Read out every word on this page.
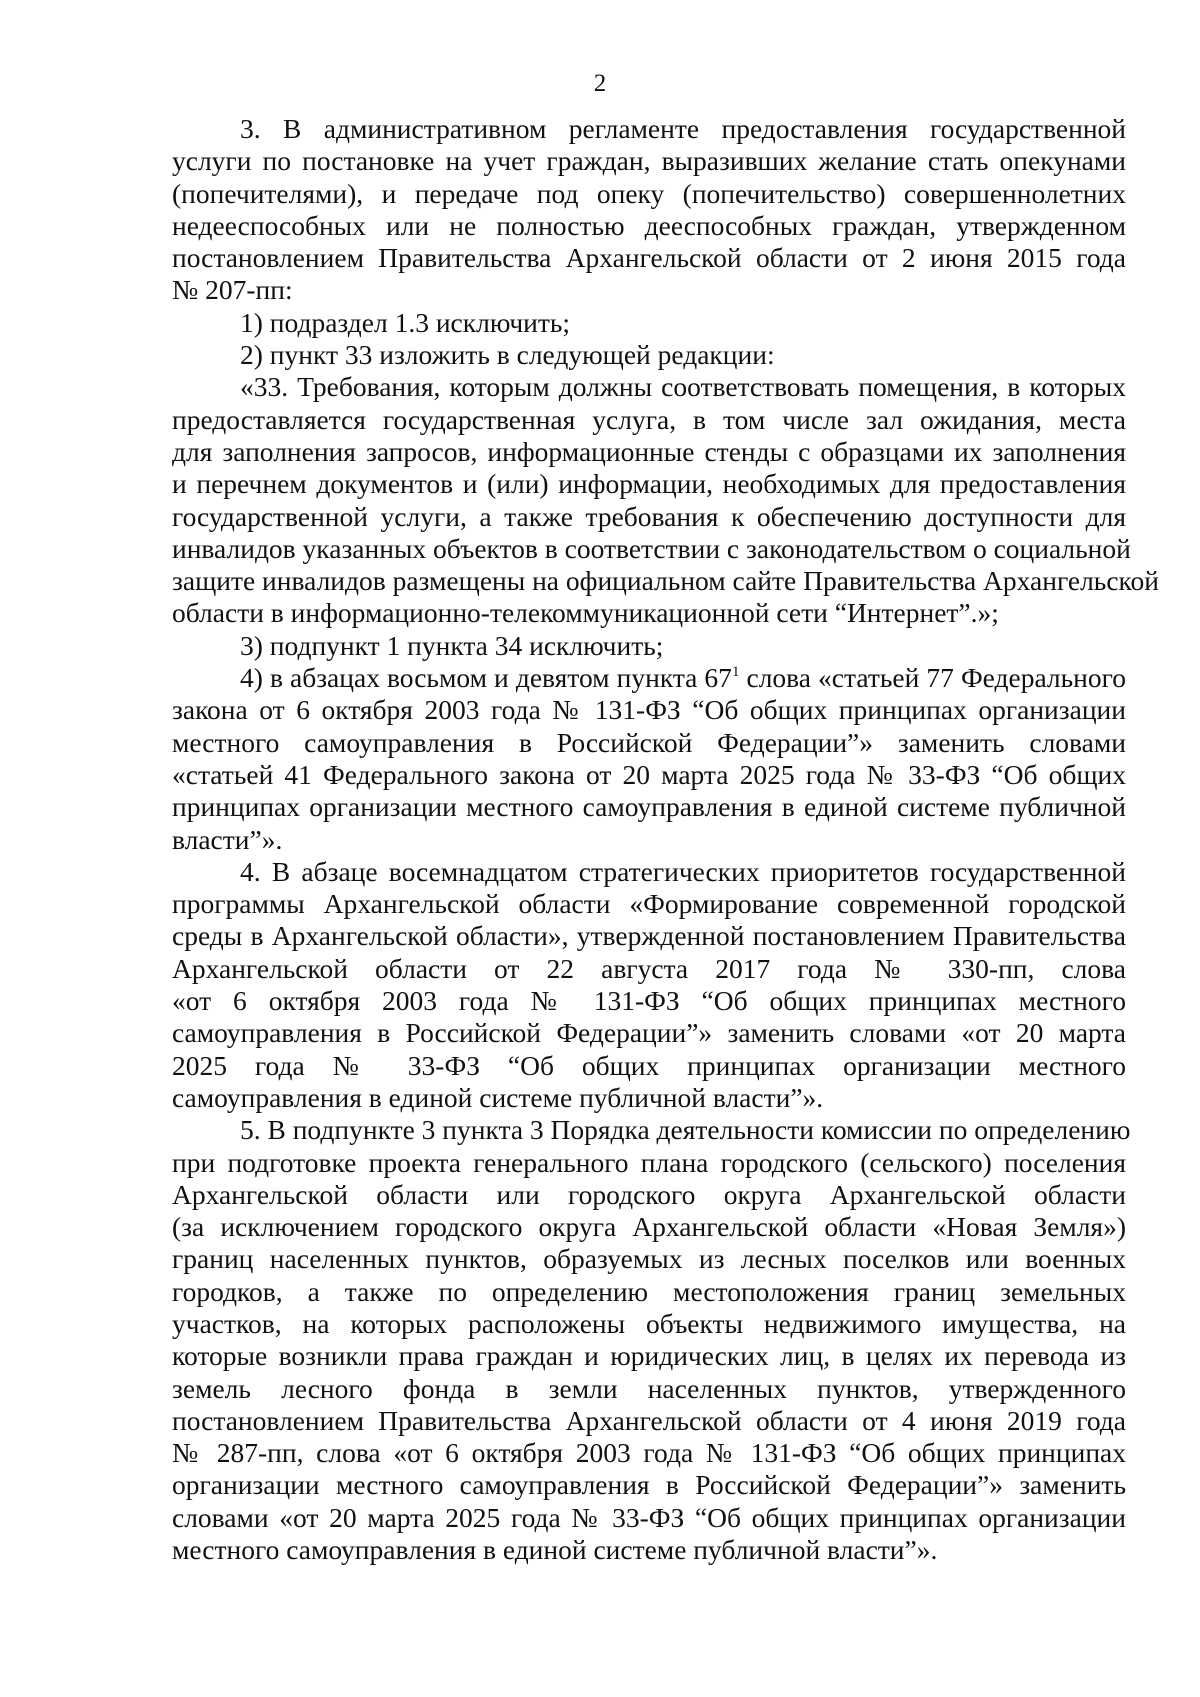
2
3. В административном регламенте предоставления государственной
услуги по постановке на учет граждан, выразивших желание стать опекунами
(попечителями), и передаче под опеку (попечительство) совершеннолетних
недееспособных или не полностью дееспособных граждан, утвержденном
постановлением Правительства Архангельской области от 2 июня 2015 года
№ 207-пп:
1) подраздел 1.3 исключить;
2) пункт 33 изложить в следующей редакции:
«33. Требования, которым должны соответствовать помещения, в которых
предоставляется государственная услуга, в том числе зал ожидания, места
для заполнения запросов, информационные стенды с образцами их заполнения
и перечнем документов и (или) информации, необходимых для предоставления
государственной услуги, а также требования к обеспечению доступности для
инвалидов указанных объектов в соответствии с законодательством о социальной
защите инвалидов размещены на официальном сайте Правительства Архангельской
области в информационно-телекоммуникационной сети “Интернет”.»;
3) подпункт 1 пункта 34 исключить;
4) в абзацах восьмом и девятом пункта $67^1$ слова «статьей 77 Федерального
закона от 6 октября 2003 года № 131-ФЗ “Об общих принципах организации
местного самоуправления в Российской Федерации”» заменить словами
«статьей 41 Федерального закона от 20 марта 2025 года № 33-ФЗ “Об общих
принципах организации местного самоуправления в единой системе публичной
власти”».
4. В абзаце восемнадцатом стратегических приоритетов государственной
программы Архангельской области «Формирование современной городской
среды в Архангельской области», утвержденной постановлением Правительства
Архангельской области от 22 августа 2017 года № 330-пп, слова
«от 6 октября 2003 года № 131-ФЗ “Об общих принципах местного
самоуправления в Российской Федерации”» заменить словами «от 20 марта
2025 года № 33-ФЗ “Об общих принципах организации местного
самоуправления в единой системе публичной власти”».
5. В подпункте 3 пункта 3 Порядка деятельности комиссии по определению
при подготовке проекта генерального плана городского (сельского) поселения
Архангельской области или городского округа Архангельской области
(за исключением городского округа Архангельской области «Новая Земля»)
границ населенных пунктов, образуемых из лесных поселков или военных
городков, а также по определению местоположения границ земельных
участков, на которых расположены объекты недвижимого имущества, на
которые возникли права граждан и юридических лиц, в целях их перевода из
земель лесного фонда в земли населенных пунктов, утвержденного
постановлением Правительства Архангельской области от 4 июня 2019 года
№ 287-пп, слова «от 6 октября 2003 года № 131-ФЗ “Об общих принципах
организации местного самоуправления в Российской Федерации”» заменить
словами «от 20 марта 2025 года № 33-ФЗ “Об общих принципах организации
местного самоуправления в единой системе публичной власти”».
